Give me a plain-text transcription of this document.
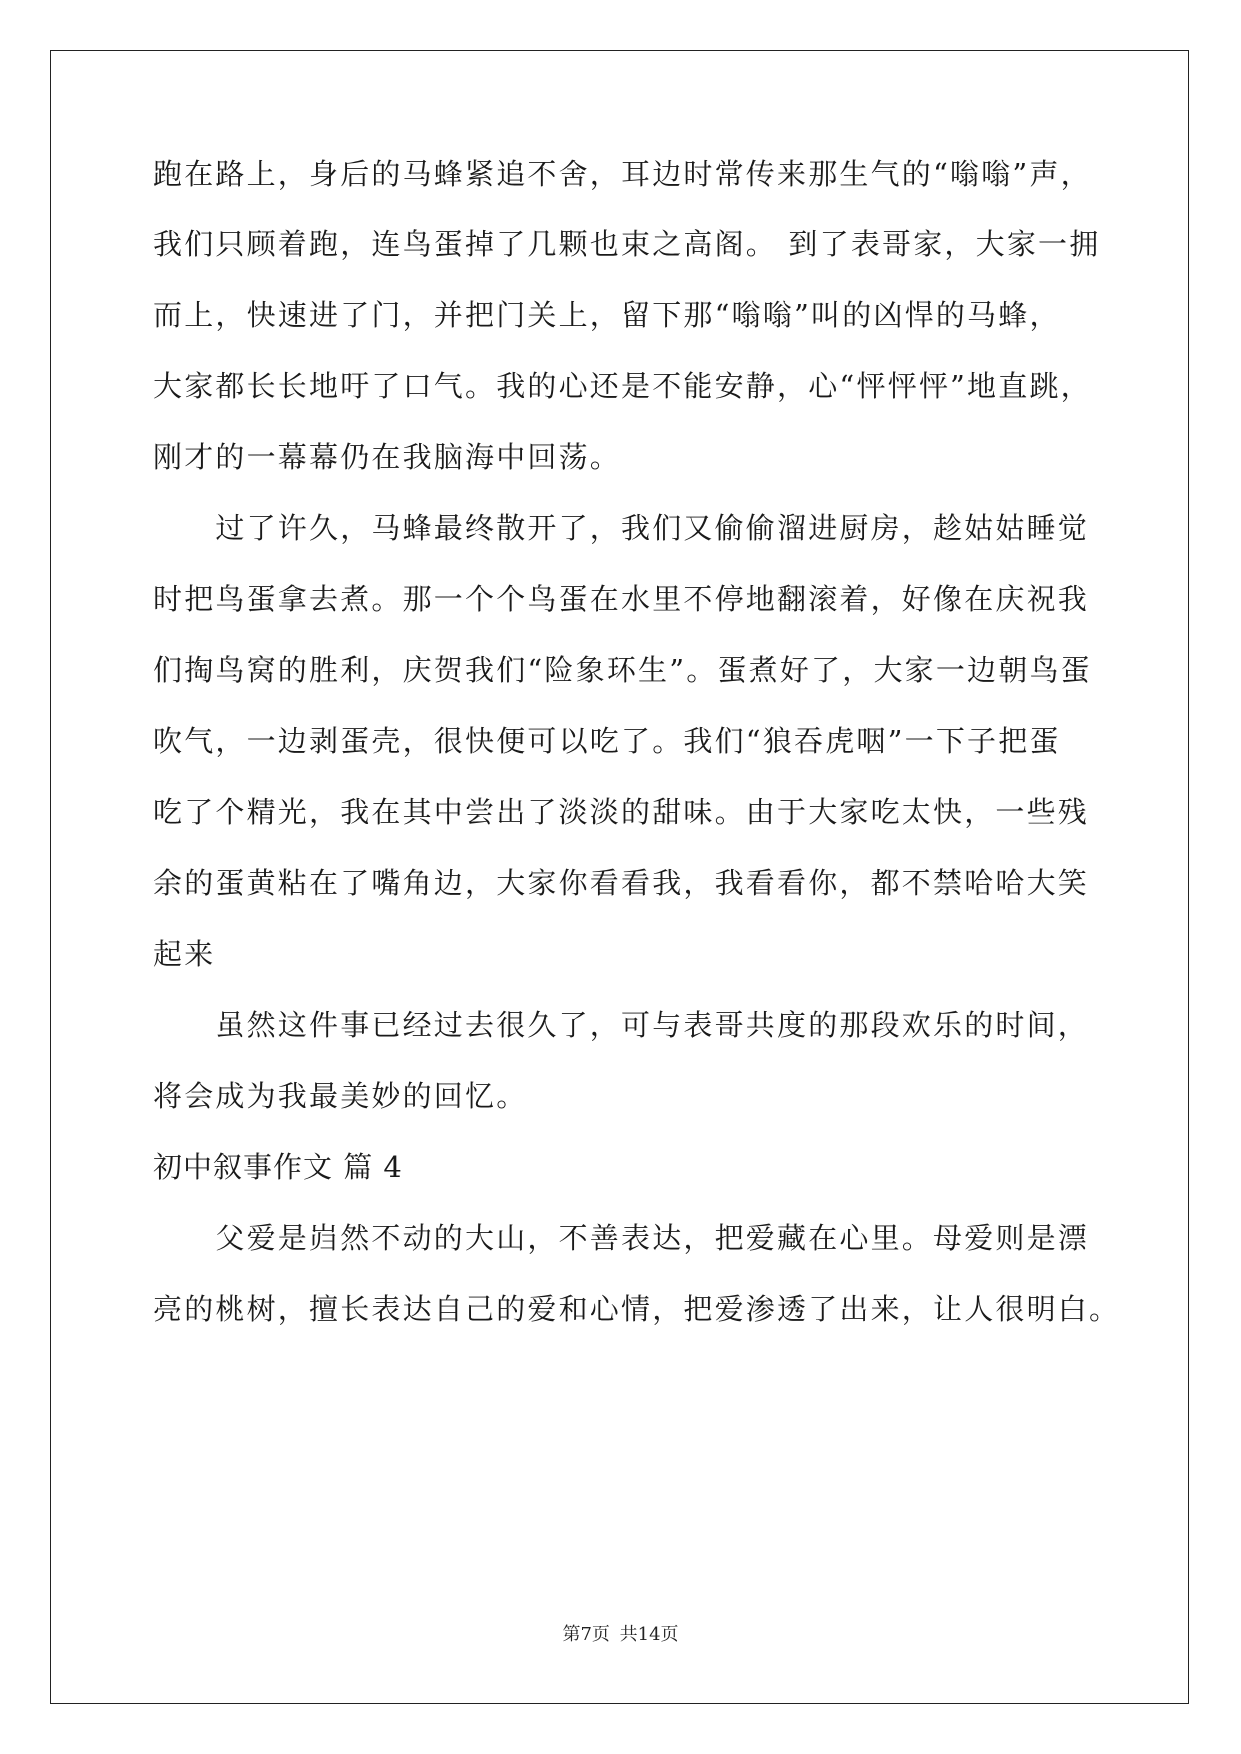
跑在路上，身后的马蜂紧追不舍，耳边时常传来那生气的“嗡嗡”声，
我们只顾着跑，连鸟蛋掉了几颗也束之高阁。 到了表哥家，大家一拥
而上，快速进了门，并把门关上，留下那“嗡嗡”叫的凶悍的马蜂，
大家都长长地吁了口气。我的心还是不能安静，心“怦怦怦”地直跳，
刚才的一幕幕仍在我脑海中回荡。
　　过了许久，马蜂最终散开了，我们又偷偷溜进厨房，趁姑姑睡觉
时把鸟蛋拿去煮。那一个个鸟蛋在水里不停地翻滚着，好像在庆祝我
们掏鸟窝的胜利，庆贺我们“险象环生”。蛋煮好了，大家一边朝鸟蛋
吹气，一边剥蛋壳，很快便可以吃了。我们“狼吞虎咽”一下子把蛋
吃了个精光，我在其中尝出了淡淡的甜味。由于大家吃太快，一些残
余的蛋黄粘在了嘴角边，大家你看看我，我看看你，都不禁哈哈大笑
起来
　　虽然这件事已经过去很久了，可与表哥共度的那段欢乐的时间，
将会成为我最美妙的回忆。
初中叙事作文 篇 4
　　父爱是岿然不动的大山，不善表达，把爱藏在心里。母爱则是漂
亮的桃树，擅长表达自己的爱和心情，把爱渗透了出来，让人很明白。
第7页 共14页
